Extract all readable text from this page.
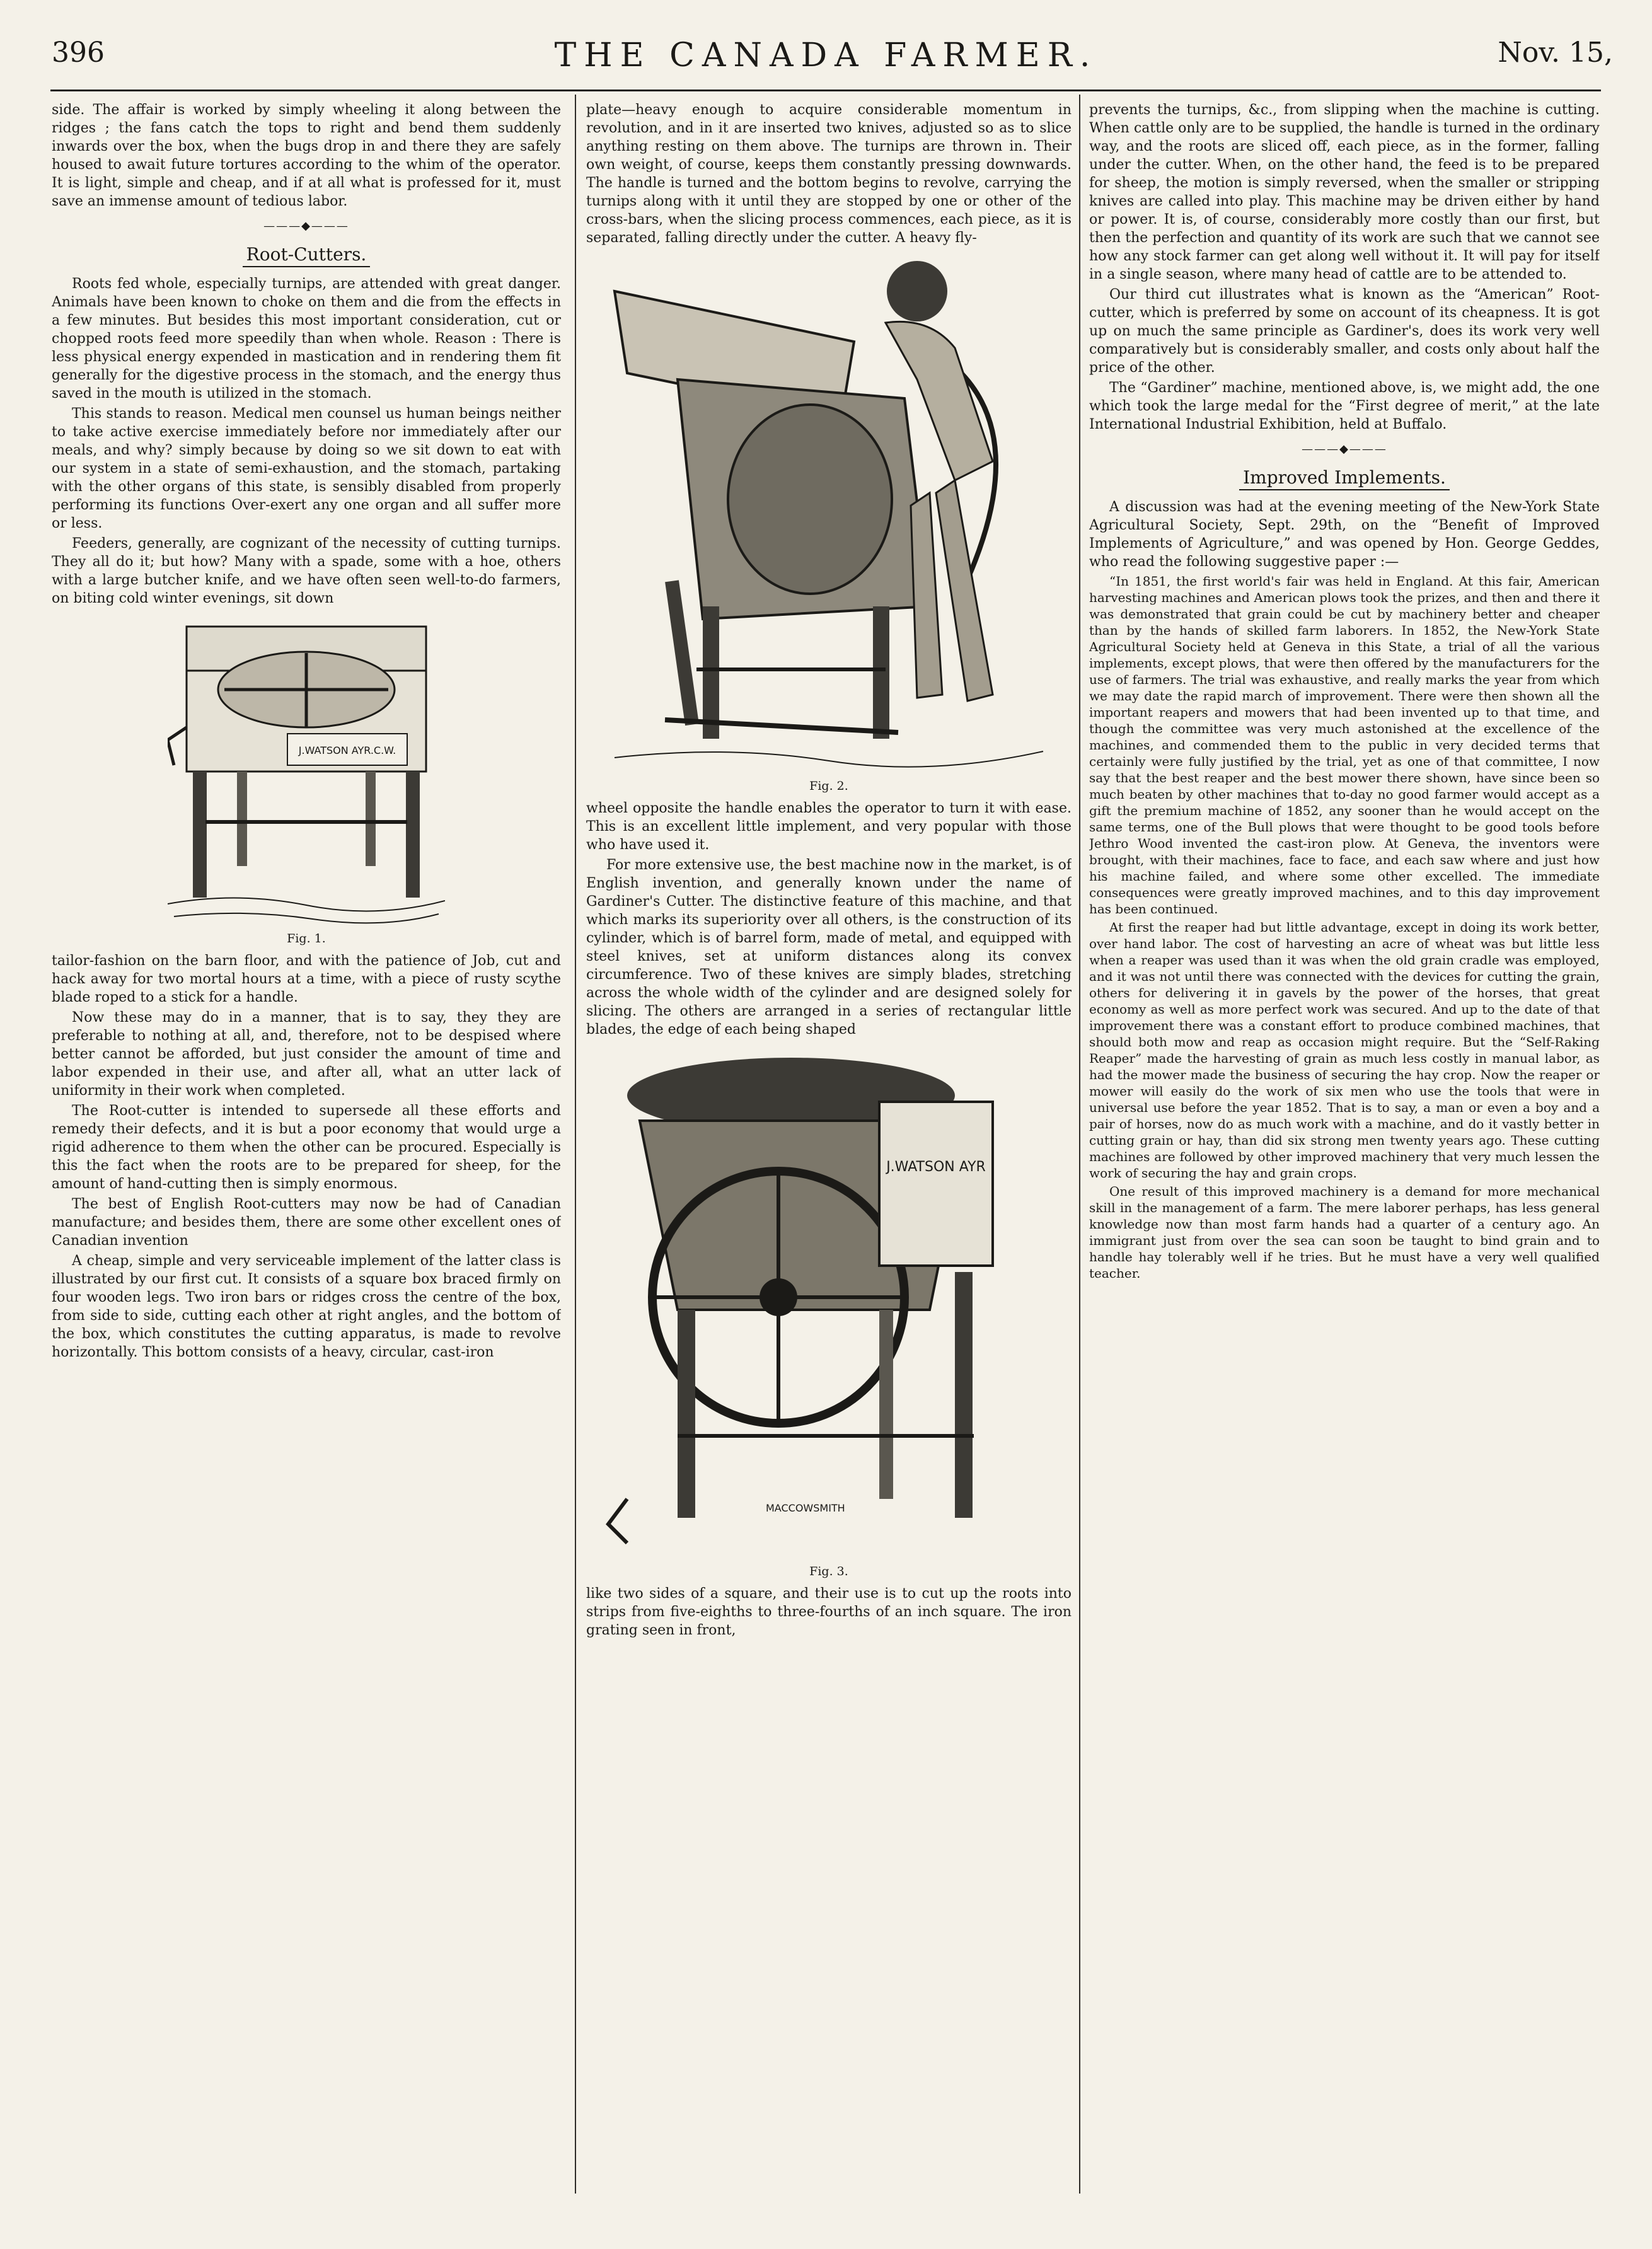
396	THE CANADA FARMER.	Nov. 15,

side. The affair is worked by simply wheeling it along between the ridges ; the fans catch the tops to right and bend them suddenly inwards over the box, when the bugs drop in and there they are safely housed to await future tortures according to the whim of the operator. It is light, simple and cheap, and if at all what is professed for it, must save an immense amount of tedious labor.

———◆———
Root-Cutters.

Roots fed whole, especially turnips, are attended with great danger. Animals have been known to choke on them and die from the effects in a few minutes. But besides this most important consideration, cut or chopped roots feed more speedily than when whole. Reason : There is less physical energy expended in mastication and in rendering them fit generally for the digestive process in the stomach, and the energy thus saved in the mouth is utilized in the stomach.

This stands to reason. Medical men counsel us human beings neither to take active exercise immediately before nor immediately after our meals, and why? simply because by doing so we sit down to eat with our system in a state of semi-exhaustion, and the stomach, partaking with the other organs of this state, is sensibly disabled from properly performing its functions Over-exert any one organ and all suffer more or less.

Feeders, generally, are cognizant of the necessity of cutting turnips. They all do it; but how? Many with a spade, some with a hoe, others with a large butcher knife, and we have often seen well-to-do farmers, on biting cold winter evenings, sit down

J.WATSON AYR.C.W.
Fig. 1.

tailor-fashion on the barn floor, and with the patience of Job, cut and hack away for two mortal hours at a time, with a piece of rusty scythe blade roped to a stick for a handle.

Now these may do in a manner, that is to say, they they are preferable to nothing at all, and, therefore, not to be despised where better cannot be afforded, but just consider the amount of time and labor expended in their use, and after all, what an utter lack of uniformity in their work when completed.

The Root-cutter is intended to supersede all these efforts and remedy their defects, and it is but a poor economy that would urge a rigid adherence to them when the other can be procured. Especially is this the fact when the roots are to be prepared for sheep, for the amount of hand-cutting then is simply enormous.

The best of English Root-cutters may now be had of Canadian manufacture; and besides them, there are some other excellent ones of Canadian invention

A cheap, simple and very serviceable implement of the latter class is illustrated by our first cut. It consists of a square box braced firmly on four wooden legs. Two iron bars or ridges cross the centre of the box, from side to side, cutting each other at right angles, and the bottom of the box, which constitutes the cutting apparatus, is made to revolve horizontally. This bottom consists of a heavy, circular, cast-iron

plate—heavy enough to acquire considerable momentum in revolution, and in it are inserted two knives, adjusted so as to slice anything resting on them above. The turnips are thrown in. Their own weight, of course, keeps them constantly pressing downwards. The handle is turned and the bottom begins to revolve, carrying the turnips along with it until they are stopped by one or other of the cross-bars, when the slicing process commences, each piece, as it is separated, falling directly under the cutter. A heavy fly-

Fig. 2.

wheel opposite the handle enables the operator to turn it with ease. This is an excellent little implement, and very popular with those who have used it.

For more extensive use, the best machine now in the market, is of English invention, and generally known under the name of Gardiner's Cutter. The distinctive feature of this machine, and that which marks its superiority over all others, is the construction of its cylinder, which is of barrel form, made of metal, and equipped with steel knives, set at uniform distances along its convex circumference. Two of these knives are simply blades, stretching across the whole width of the cylinder and are designed solely for slicing. The others are arranged in a series of rectangular little blades, the edge of each being shaped

J.WATSON AYR
MACCOWSMITH
Fig. 3.

like two sides of a square, and their use is to cut up the roots into strips from five-eighths to three-fourths of an inch square. The iron grating seen in front,

prevents the turnips, &c., from slipping when the machine is cutting. When cattle only are to be supplied, the handle is turned in the ordinary way, and the roots are sliced off, each piece, as in the former, falling under the cutter. When, on the other hand, the feed is to be prepared for sheep, the motion is simply reversed, when the smaller or stripping knives are called into play. This machine may be driven either by hand or power. It is, of course, considerably more costly than our first, but then the perfection and quantity of its work are such that we cannot see how any stock farmer can get along well without it. It will pay for itself in a single season, where many head of cattle are to be attended to.

Our third cut illustrates what is known as the “American” Root-cutter, which is preferred by some on account of its cheapness. It is got up on much the same principle as Gardiner's, does its work very well comparatively but is considerably smaller, and costs only about half the price of the other.

The “Gardiner” machine, mentioned above, is, we might add, the one which took the large medal for the “First degree of merit,” at the late International Industrial Exhibition, held at Buffalo.

———◆———
Improved Implements.

A discussion was had at the evening meeting of the New-York State Agricultural Society, Sept. 29th, on the “Benefit of Improved Implements of Agriculture,” and was opened by Hon. George Geddes, who read the following suggestive paper :—

“In 1851, the first world's fair was held in England. At this fair, American harvesting machines and American plows took the prizes, and then and there it was demonstrated that grain could be cut by machinery better and cheaper than by the hands of skilled farm laborers. In 1852, the New-York State Agricultural Society held at Geneva in this State, a trial of all the various implements, except plows, that were then offered by the manufacturers for the use of farmers. The trial was exhaustive, and really marks the year from which we may date the rapid march of improvement. There were then shown all the important reapers and mowers that had been invented up to that time, and though the committee was very much astonished at the excellence of the machines, and commended them to the public in very decided terms that certainly were fully justified by the trial, yet as one of that committee, I now say that the best reaper and the best mower there shown, have since been so much beaten by other machines that to-day no good farmer would accept as a gift the premium machine of 1852, any sooner than he would accept on the same terms, one of the Bull plows that were thought to be good tools before Jethro Wood invented the cast-iron plow. At Geneva, the inventors were brought, with their machines, face to face, and each saw where and just how his machine failed, and where some other excelled. The immediate consequences were greatly improved machines, and to this day improvement has been continued.

At first the reaper had but little advantage, except in doing its work better, over hand labor. The cost of harvesting an acre of wheat was but little less when a reaper was used than it was when the old grain cradle was employed, and it was not until there was connected with the devices for cutting the grain, others for delivering it in gavels by the power of the horses, that great economy as well as more perfect work was secured. And up to the date of that improvement there was a constant effort to produce combined machines, that should both mow and reap as occasion might require. But the “Self-Raking Reaper” made the harvesting of grain as much less costly in manual labor, as had the mower made the business of securing the hay crop. Now the reaper or mower will easily do the work of six men who use the tools that were in universal use before the year 1852. That is to say, a man or even a boy and a pair of horses, now do as much work with a machine, and do it vastly better in cutting grain or hay, than did six strong men twenty years ago. These cutting machines are followed by other improved machinery that very much lessen the work of securing the hay and grain crops.

One result of this improved machinery is a demand for more mechanical skill in the management of a farm. The mere laborer perhaps, has less general knowledge now than most farm hands had a quarter of a century ago. An immigrant just from over the sea can soon be taught to bind grain and to handle hay tolerably well if he tries. But he must have a very well qualified teacher.
